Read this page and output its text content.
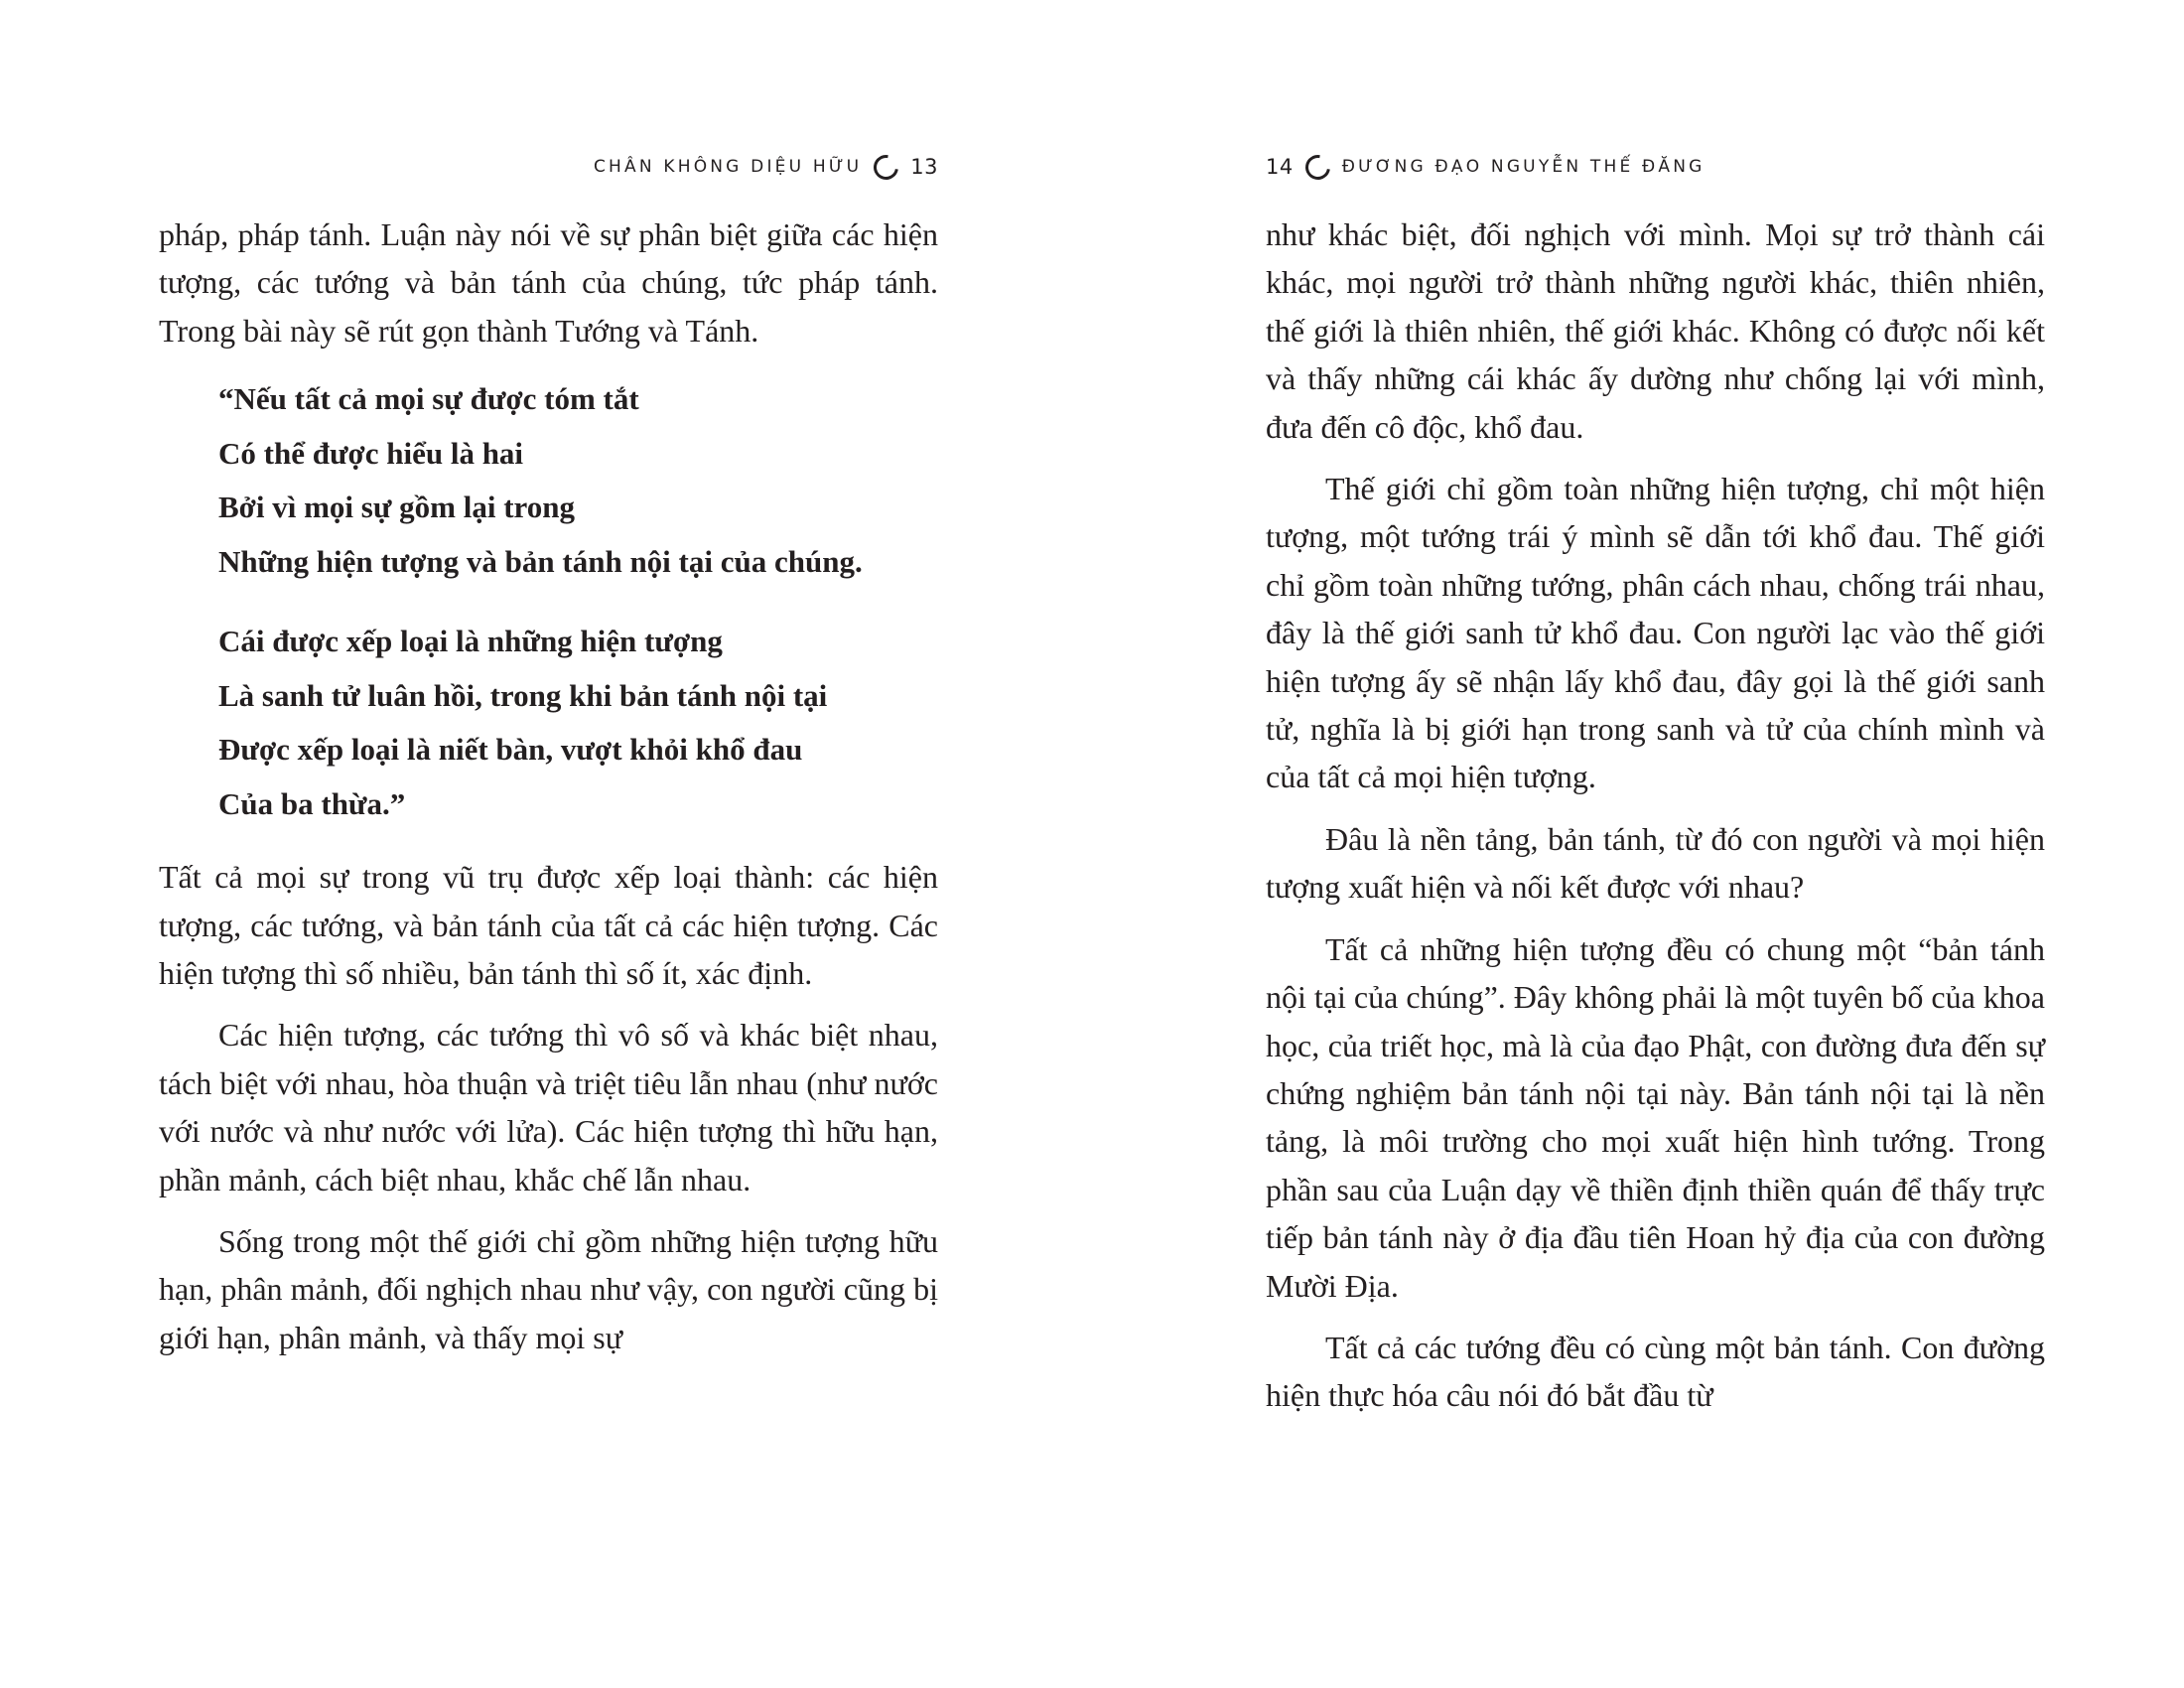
CHÂN KHÔNG DIỆU HỮU 13

pháp, pháp tánh. Luận này nói về sự phân biệt giữa các hiện tượng, các tướng và bản tánh của chúng, tức pháp tánh. Trong bài này sẽ rút gọn thành Tướng và Tánh.

“Nếu tất cả mọi sự được tóm tắt
Có thể được hiểu là hai
Bởi vì mọi sự gồm lại trong
Những hiện tượng và bản tánh nội tại của chúng.
Cái được xếp loại là những hiện tượng
Là sanh tử luân hồi, trong khi bản tánh nội tại
Được xếp loại là niết bàn, vượt khỏi khổ đau
Của ba thừa.”

Tất cả mọi sự trong vũ trụ được xếp loại thành: các hiện tượng, các tướng, và bản tánh của tất cả các hiện tượng. Các hiện tượng thì số nhiều, bản tánh thì số ít, xác định.

Các hiện tượng, các tướng thì vô số và khác biệt nhau, tách biệt với nhau, hòa thuận và triệt tiêu lẫn nhau (như nước với nước và như nước với lửa). Các hiện tượng thì hữu hạn, phần mảnh, cách biệt nhau, khắc chế lẫn nhau.

Sống trong một thế giới chỉ gồm những hiện tượng hữu hạn, phân mảnh, đối nghịch nhau như vậy, con người cũng bị giới hạn, phân mảnh, và thấy mọi sự

14	ĐƯƠNG ĐẠO NGUYỄN THẾ ĐĂNG

như khác biệt, đối nghịch với mình. Mọi sự trở thành cái khác, mọi người trở thành những người khác, thiên nhiên, thế giới là thiên nhiên, thế giới khác. Không có được nối kết và thấy những cái khác ấy dường như chống lại với mình, đưa đến cô độc, khổ đau.

Thế giới chỉ gồm toàn những hiện tượng, chỉ một hiện tượng, một tướng trái ý mình sẽ dẫn tới khổ đau. Thế giới chỉ gồm toàn những tướng, phân cách nhau, chống trái nhau, đây là thế giới sanh tử khổ đau. Con người lạc vào thế giới hiện tượng ấy sẽ nhận lấy khổ đau, đây gọi là thế giới sanh tử, nghĩa là bị giới hạn trong sanh và tử của chính mình và của tất cả mọi hiện tượng.

Đâu là nền tảng, bản tánh, từ đó con người và mọi hiện tượng xuất hiện và nối kết được với nhau?

Tất cả những hiện tượng đều có chung một “bản tánh nội tại của chúng”. Đây không phải là một tuyên bố của khoa học, của triết học, mà là của đạo Phật, con đường đưa đến sự chứng nghiệm bản tánh nội tại này. Bản tánh nội tại là nền tảng, là môi trường cho mọi xuất hiện hình tướng. Trong phần sau của Luận dạy về thiền định thiền quán để thấy trực tiếp bản tánh này ở địa đầu tiên Hoan hỷ địa của con đường Mười Địa.

Tất cả các tướng đều có cùng một bản tánh. Con đường hiện thực hóa câu nói đó bắt đầu từ
